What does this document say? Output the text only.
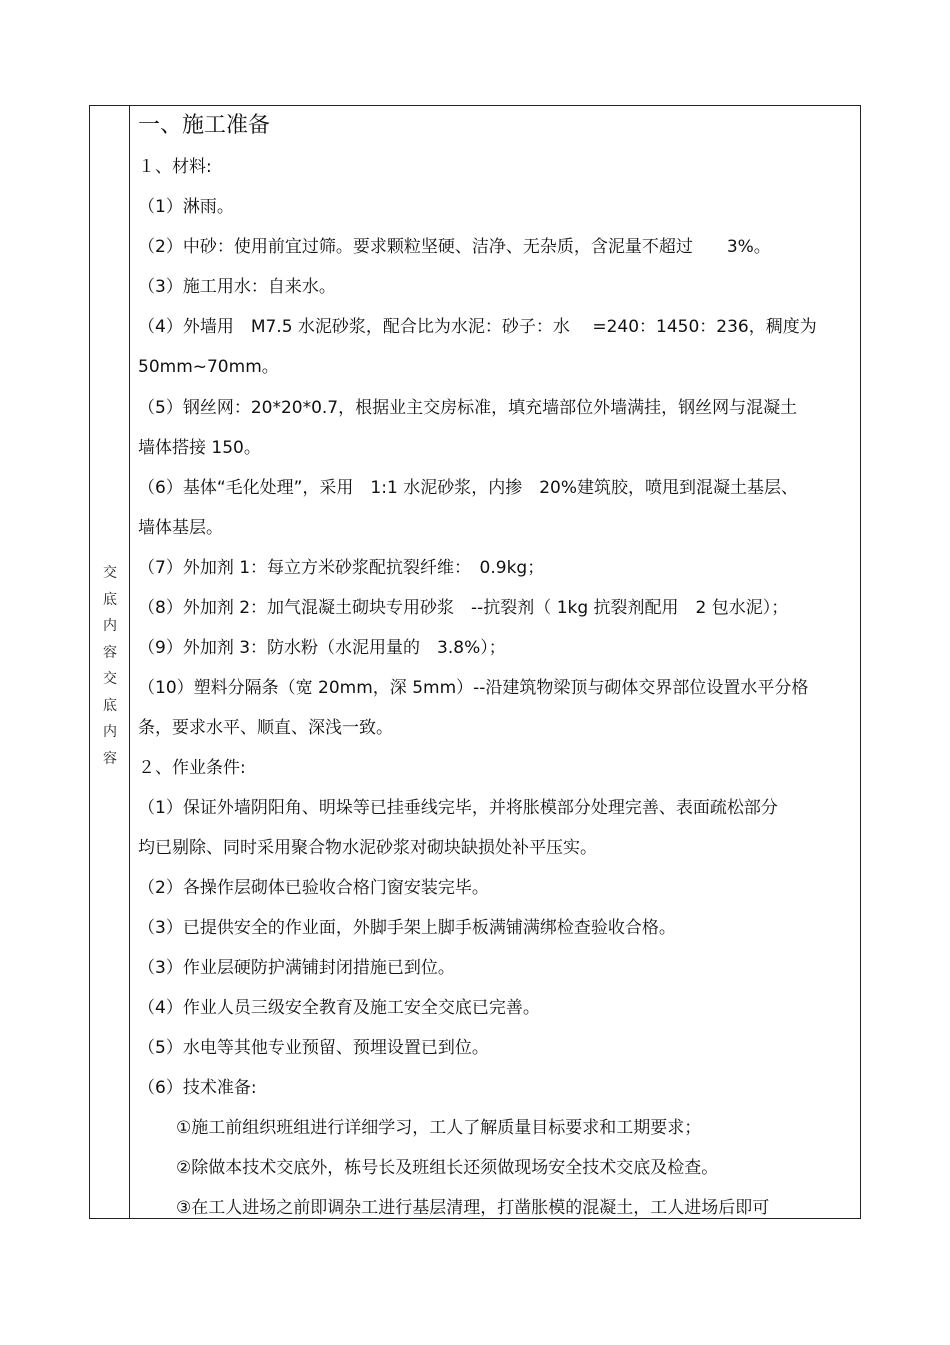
交
底
内
容
交
底
内
容
一、施工准备
１、材料:
（1）淋雨。
（2）中砂：使用前宜过筛。要求颗粒坚硬、洁净、无杂质，含泥量不超过　　3%。
（3）施工用水：自来水。
（4）外墙用　M7.5 水泥砂浆，配合比为水泥：砂子：水　 =240：1450：236，稠度为
50mm~70mm。
（5）钢丝网：20*20*0.7，根据业主交房标准，填充墙部位外墙满挂，钢丝网与混凝土
墙体搭接 150。
（6）基体“毛化处理”，采用　1:1 水泥砂浆，内掺　20%建筑胶，喷甩到混凝土基层、
墙体基层。
（7）外加剂 1：每立方米砂浆配抗裂纤维：　0.9kg；
（8）外加剂 2：加气混凝土砌块专用砂浆　--抗裂剂（ 1kg 抗裂剂配用　2 包水泥）；
（9）外加剂 3：防水粉（水泥用量的　3.8%）；
（10）塑料分隔条（宽 20mm，深 5mm）--沿建筑物梁顶与砌体交界部位设置水平分格
条，要求水平、顺直、深浅一致。
２、作业条件:
（1）保证外墙阴阳角、明垛等已挂垂线完毕，并将胀模部分处理完善、表面疏松部分
均已剔除、同时采用聚合物水泥砂浆对砌块缺损处补平压实。
（2）各操作层砌体已验收合格门窗安装完毕。
（3）已提供安全的作业面，外脚手架上脚手板满铺满绑检查验收合格。
（3）作业层硬防护满铺封闭措施已到位。
（4）作业人员三级安全教育及施工安全交底已完善。
（5）水电等其他专业预留、预埋设置已到位。
（6）技术准备:
①施工前组织班组进行详细学习，工人了解质量目标要求和工期要求；
②除做本技术交底外，栋号长及班组长还须做现场安全技术交底及检查。
③在工人进场之前即调杂工进行基层清理，打凿胀模的混凝土，工人进场后即可
